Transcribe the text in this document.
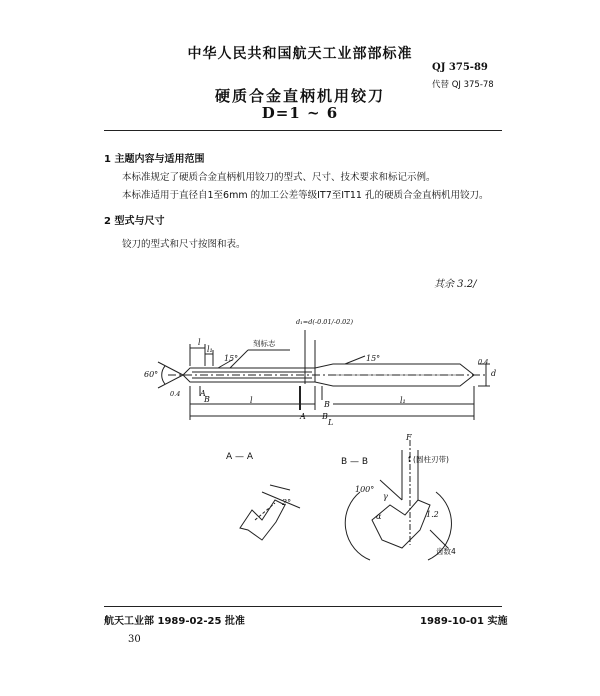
中华人民共和国航天工业部部标准
QJ 375-89
代替 QJ 375-78
硬质合金直柄机用铰刀
D=1 ~ 6
1 主题内容与适用范围
本标准规定了硬质合金直柄机用铰刀的型式、尺寸、技术要求和标记示例。
本标准适用于直径自1至6mm 的加工公差等级IT7至IT11 孔的硬质合金直柄机用铰刀。
2 型式与尺寸
铰刀的型式和尺寸按图和表。
其余 3.2/
l
l₁
刻标志
15°	15°
60°
d₁=d(-0.01/-0.02)
d
0.4
0.4 A
B
A
B
B
l	l₁
L
A — A
2°
B — B
F
f (圆柱刃带)
100°
γ
α	1.2
齿数4
航天工业部 1989-02-25 批准	1989-10-01 实施
30
